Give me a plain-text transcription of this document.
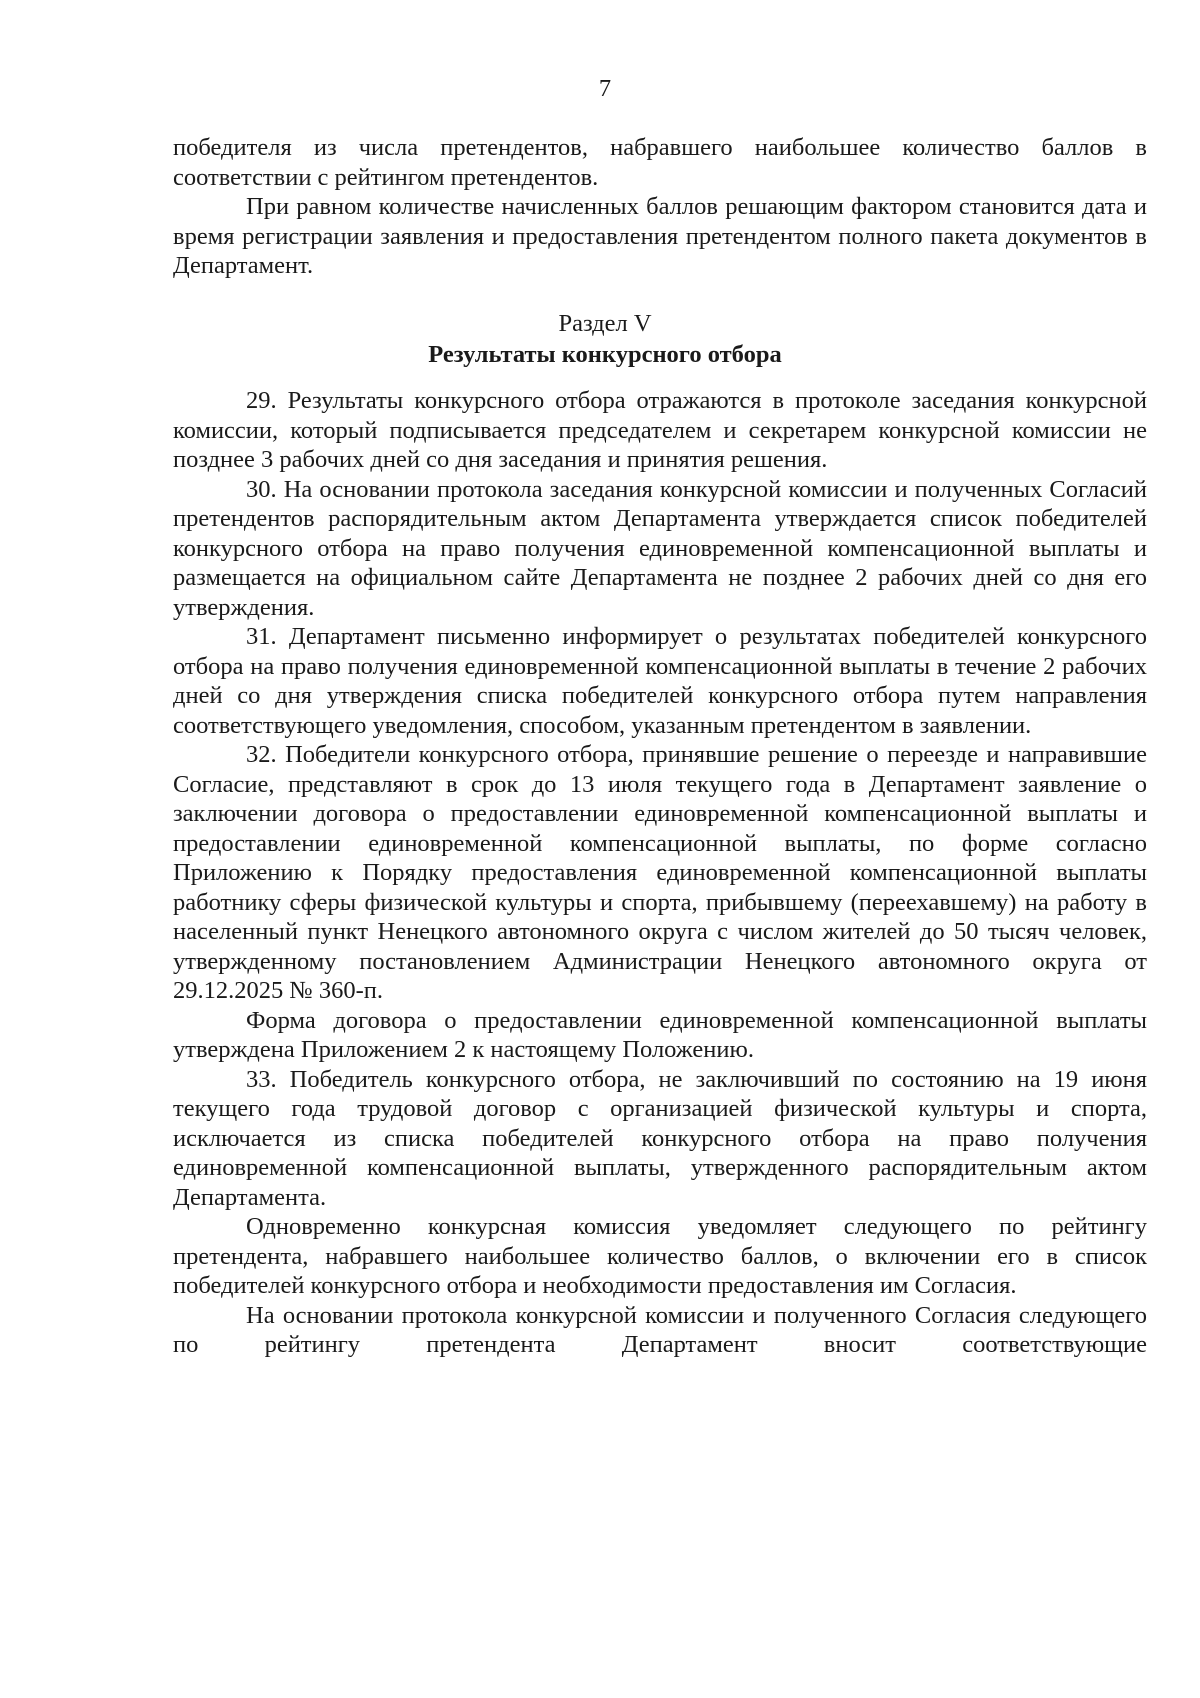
7

победителя из числа претендентов, набравшего наибольшее количество баллов в соответствии с рейтингом претендентов.

При равном количестве начисленных баллов решающим фактором становится дата и время регистрации заявления и предоставления претендентом полного пакета документов в Департамент.

Раздел V
Результаты конкурсного отбора

29. Результаты конкурсного отбора отражаются в протоколе заседания конкурсной комиссии, который подписывается председателем и секретарем конкурсной комиссии не позднее 3 рабочих дней со дня заседания и принятия решения.

30. На основании протокола заседания конкурсной комиссии и полученных Согласий претендентов распорядительным актом Департамента утверждается список победителей конкурсного отбора на право получения единовременной компенсационной выплаты и размещается на официальном сайте Департамента не позднее 2 рабочих дней со дня его утверждения.

31. Департамент письменно информирует о результатах победителей конкурсного отбора на право получения единовременной компенсационной выплаты в течение 2 рабочих дней со дня утверждения списка победителей конкурсного отбора путем направления соответствующего уведомления, способом, указанным претендентом в заявлении.

32. Победители конкурсного отбора, принявшие решение о переезде и направившие Согласие, представляют в срок до 13 июля текущего года в Департамент заявление о заключении договора о предоставлении единовременной компенсационной выплаты и предоставлении единовременной компенсационной выплаты, по форме согласно Приложению к Порядку предоставления единовременной компенсационной выплаты работнику сферы физической культуры и спорта, прибывшему (переехавшему) на работу в населенный пункт Ненецкого автономного округа с числом жителей до 50 тысяч человек, утвержденному постановлением Администрации Ненецкого автономного округа от 29.12.2025 № 360-п.

Форма договора о предоставлении единовременной компенсационной выплаты утверждена Приложением 2 к настоящему Положению.

33. Победитель конкурсного отбора, не заключивший по состоянию на 19 июня текущего года трудовой договор с организацией физической культуры и спорта, исключается из списка победителей конкурсного отбора на право получения единовременной компенсационной выплаты, утвержденного распорядительным актом Департамента.

Одновременно конкурсная комиссия уведомляет следующего по рейтингу претендента, набравшего наибольшее количество баллов, о включении его в список победителей конкурсного отбора и необходимости предоставления им Согласия.

На основании протокола конкурсной комиссии и полученного Согласия следующего по рейтингу претендента Департамент вносит соответствующие
